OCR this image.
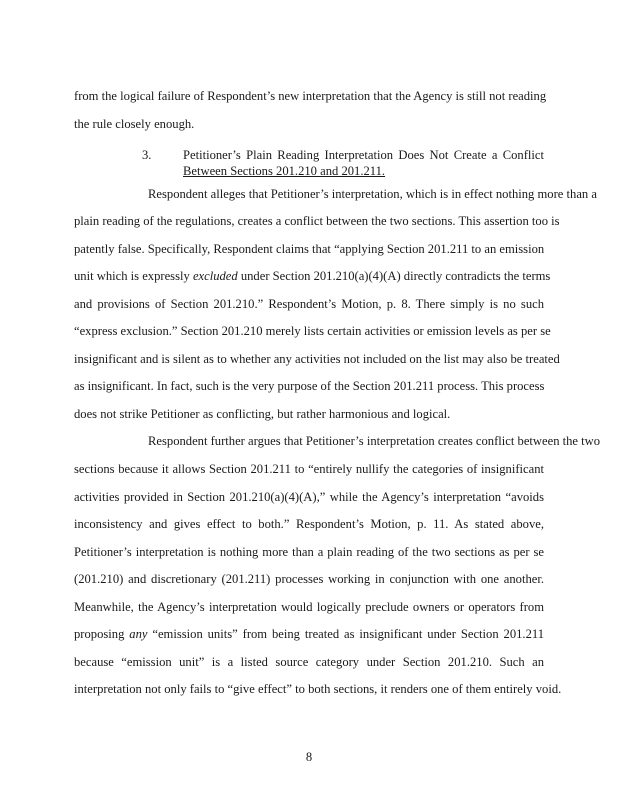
from the logical failure of Respondent’s new interpretation that the Agency is still not reading
the rule closely enough.
3.	Petitioner’s Plain Reading Interpretation Does Not Create a Conflict
Between Sections 201.210 and 201.211.
Respondent alleges that Petitioner’s interpretation, which is in effect nothing more than a
plain reading of the regulations, creates a conflict between the two sections. This assertion too is
patently false. Specifically, Respondent claims that “applying Section 201.211 to an emission
unit which is expressly excluded under Section 201.210(a)(4)(A) directly contradicts the terms
and provisions of Section 201.210.” Respondent’s Motion, p. 8. There simply is no such
“express exclusion.” Section 201.210 merely lists certain activities or emission levels as per se
insignificant and is silent as to whether any activities not included on the list may also be treated
as insignificant. In fact, such is the very purpose of the Section 201.211 process. This process
does not strike Petitioner as conflicting, but rather harmonious and logical.
Respondent further argues that Petitioner’s interpretation creates conflict between the two
sections because it allows Section 201.211 to “entirely nullify the categories of insignificant
activities provided in Section 201.210(a)(4)(A),” while the Agency’s interpretation “avoids
inconsistency and gives effect to both.” Respondent’s Motion, p. 11. As stated above,
Petitioner’s interpretation is nothing more than a plain reading of the two sections as per se
(201.210) and discretionary (201.211) processes working in conjunction with one another.
Meanwhile, the Agency’s interpretation would logically preclude owners or operators from
proposing any “emission units” from being treated as insignificant under Section 201.211
because “emission unit” is a listed source category under Section 201.210. Such an
interpretation not only fails to “give effect” to both sections, it renders one of them entirely void.
8
